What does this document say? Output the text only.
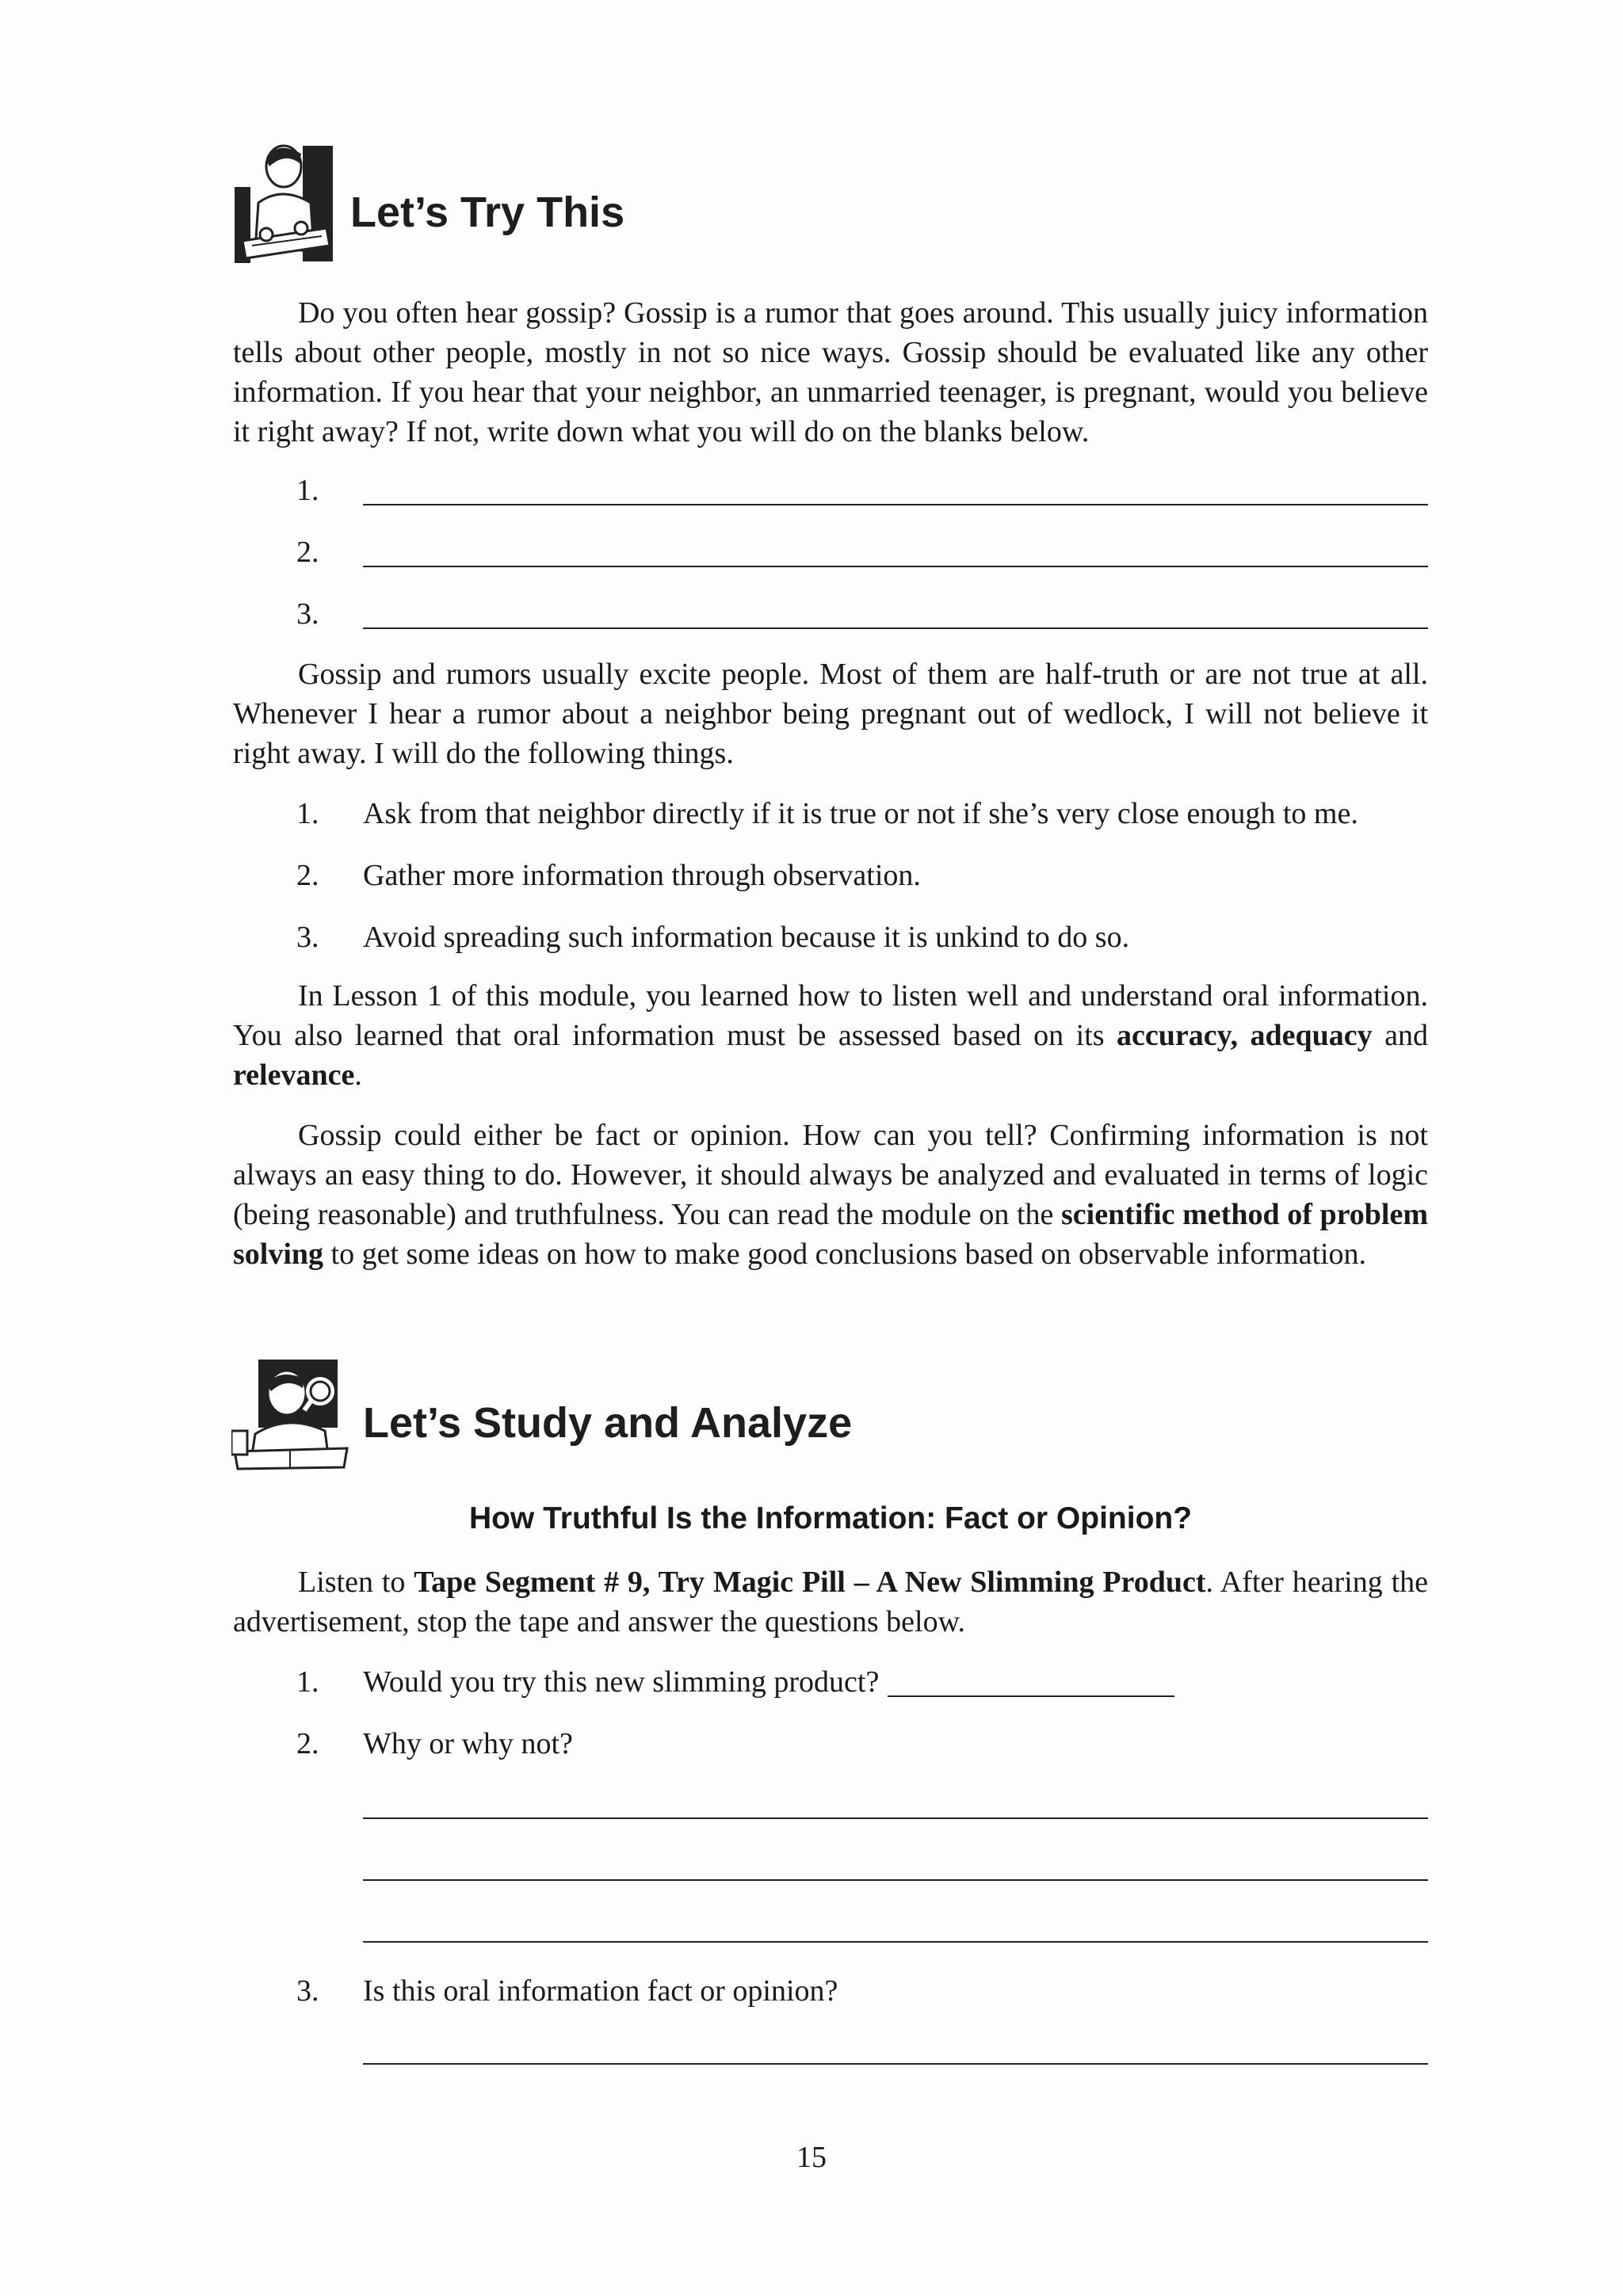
Let’s Try This

Do you often hear gossip? Gossip is a rumor that goes around. This usually juicy information tells about other people, mostly in not so nice ways. Gossip should be evaluated like any other information. If you hear that your neighbor, an unmarried teenager, is pregnant, would you believe it right away? If not, write down what you will do on the blanks below.

1.
2.
3.

Gossip and rumors usually excite people. Most of them are half-truth or are not true at all. Whenever I hear a rumor about a neighbor being pregnant out of wedlock, I will not believe it right away. I will do the following things.

1. Ask from that neighbor directly if it is true or not if she’s very close enough to me.
2. Gather more information through observation.
3. Avoid spreading such information because it is unkind to do so.

In Lesson 1 of this module, you learned how to listen well and understand oral information. You also learned that oral information must be assessed based on its accuracy, adequacy and relevance.

Gossip could either be fact or opinion. How can you tell? Confirming information is not always an easy thing to do. However, it should always be analyzed and evaluated in terms of logic (being reasonable) and truthfulness. You can read the module on the scientific method of problem solving to get some ideas on how to make good conclusions based on observable information.

Let’s Study and Analyze
How Truthful Is the Information: Fact or Opinion?

Listen to Tape Segment # 9, Try Magic Pill – A New Slimming Product. After hearing the advertisement, stop the tape and answer the questions below.

1. Would you try this new slimming product?
2. Why or why not?
3. Is this oral information fact or opinion?
15
